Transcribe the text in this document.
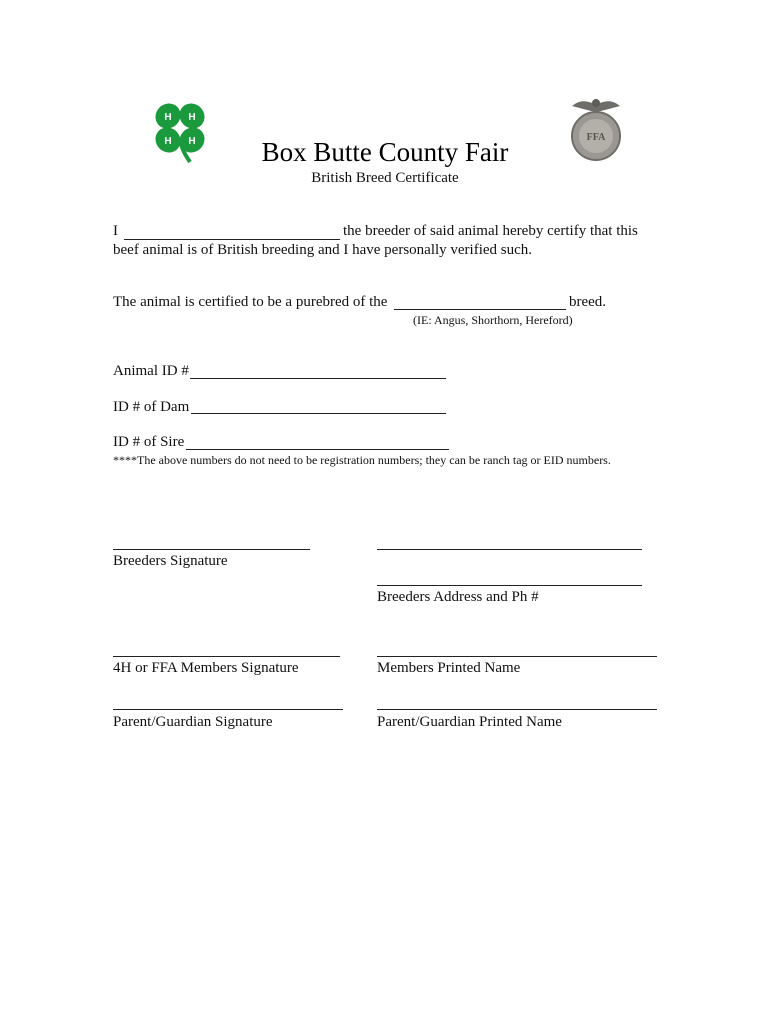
H H
H H	FFA
Box Butte County Fair
British Breed Certificate
I	the breeder of said animal hereby certify that this
beef animal is of British breeding and I have personally verified such.
The animal is certified to be a purebred of the	breed.
(IE: Angus, Shorthorn, Hereford)
Animal ID #
ID # of Dam
ID # of Sire
****The above numbers do not need to be registration numbers; they can be ranch tag or EID numbers.
Breeders Signature
Breeders Address and Ph #
4H or FFA Members Signature	Members Printed Name
Parent/Guardian Signature	Parent/Guardian Printed Name
